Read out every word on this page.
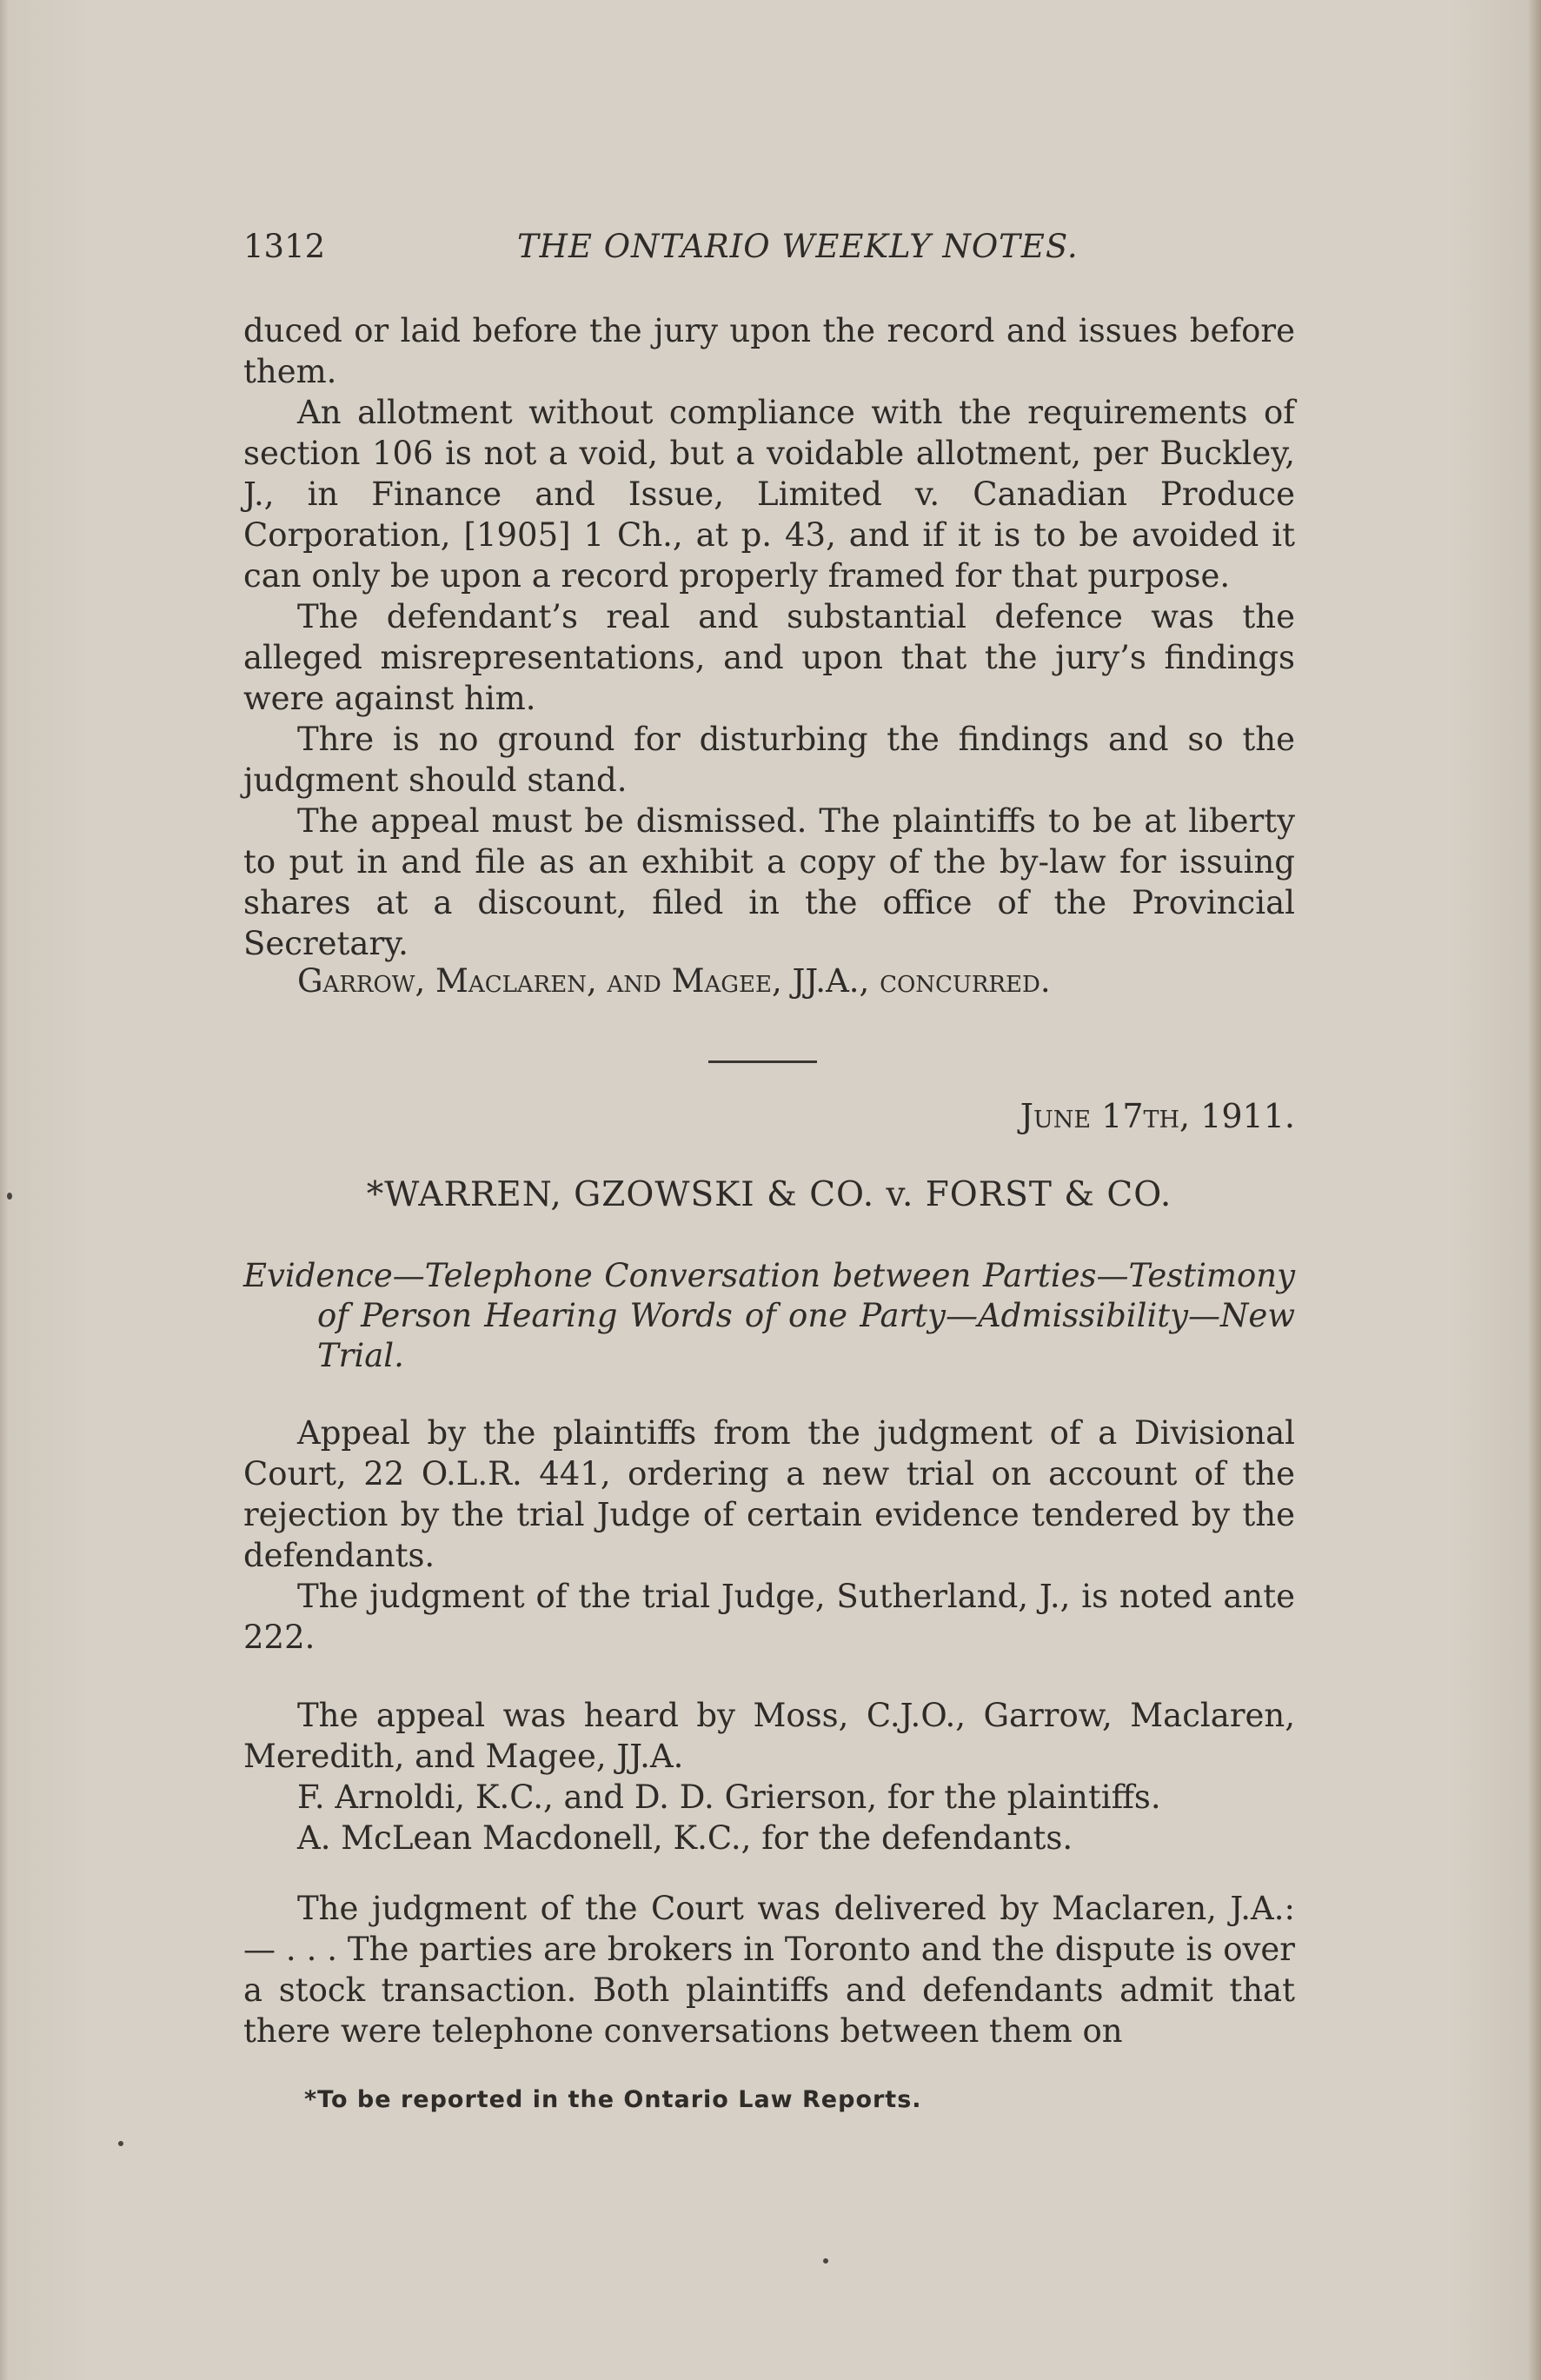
1312	THE ONTARIO WEEKLY NOTES.

duced or laid before the jury upon the record and issues before them.

An allotment without compliance with the requirements of section 106 is not a void, but a voidable allotment, per Buckley, J., in Finance and Issue, Limited v. Canadian Produce Corporation, [1905] 1 Ch., at p. 43, and if it is to be avoided it can only be upon a record properly framed for that purpose.

The defendant’s real and substantial defence was the alleged misrepresentations, and upon that the jury’s findings were against him.

Thre is no ground for disturbing the findings and so the judgment should stand.

The appeal must be dismissed. The plaintiffs to be at liberty to put in and file as an exhibit a copy of the by-law for issuing shares at a discount, filed in the office of the Provincial Secretary.

Garrow, Maclaren, and Magee, JJ.A., concurred.

June 17th, 1911.
*WARREN, GZOWSKI & CO. v. FORST & CO.
Evidence—Telephone Conversation between Parties—Testimony of Person Hearing Words of one Party—Admissibility—New Trial.

Appeal by the plaintiffs from the judgment of a Divisional Court, 22 O.L.R. 441, ordering a new trial on account of the rejection by the trial Judge of certain evidence tendered by the defendants.

The judgment of the trial Judge, Sutherland, J., is noted ante 222.

The appeal was heard by Moss, C.J.O., Garrow, Maclaren, Meredith, and Magee, JJ.A.

F. Arnoldi, K.C., and D. D. Grierson, for the plaintiffs.

A. McLean Macdonell, K.C., for the defendants.

The judgment of the Court was delivered by Maclaren, J.A.:— . . . The parties are brokers in Toronto and the dispute is over a stock transaction. Both plaintiffs and defendants admit that there were telephone conversations between them on

*To be reported in the Ontario Law Reports.
